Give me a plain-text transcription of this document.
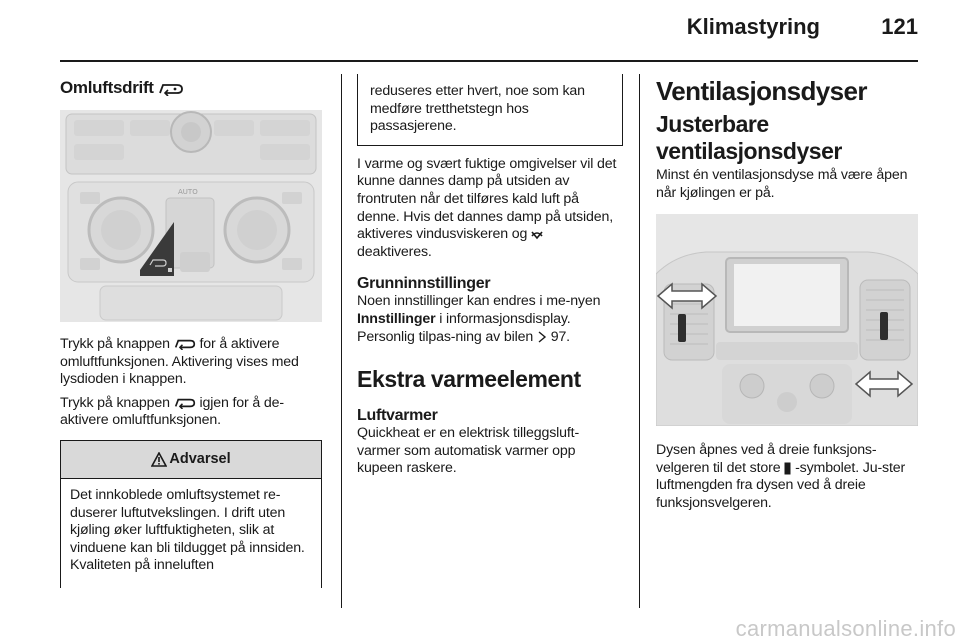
Klimastyring	121
Omluftsdrift
AUTO

Trykk på knappen for å aktivere omluftfunksjonen. Aktivering vises med lysdioden i knappen.

Trykk på knappen igjen for å de-aktivere omluftfunksjonen.

Advarsel

Det innkoblede omluftsystemet re-duserer luftutvekslingen. I drift uten kjøling øker luftfuktigheten, slik at vinduene kan bli tildugget på innsiden. Kvaliteten på inneluften

reduseres etter hvert, noe som kan medføre tretthetstegn hos passasjerene.

I varme og svært fuktige omgivelser vil det kunne dannes damp på utsiden av frontruten når det tilføres kald luft på denne. Hvis det dannes damp på utsiden, aktiveres vindusviskeren og  deaktiveres.

Grunninnstillinger

Noen innstillinger kan endres i me-nyen Innstillinger i informasjonsdisplay. Personlig tilpas-ning av bilen 97.

Ekstra varmeelement
Luftvarmer

Quickheat er en elektrisk tilleggsluft-varmer som automatisk varmer opp kupeen raskere.

Ventilasjonsdyser
Justerbare ventilasjonsdyser

Minst én ventilasjonsdyse må være åpen når kjølingen er på.

Dysen åpnes ved å dreie funksjons-velgeren til det store -symbolet. Ju-ster luftmengden fra dysen ved å dreie funksjonsvelgeren.

carmanualsonline.info
